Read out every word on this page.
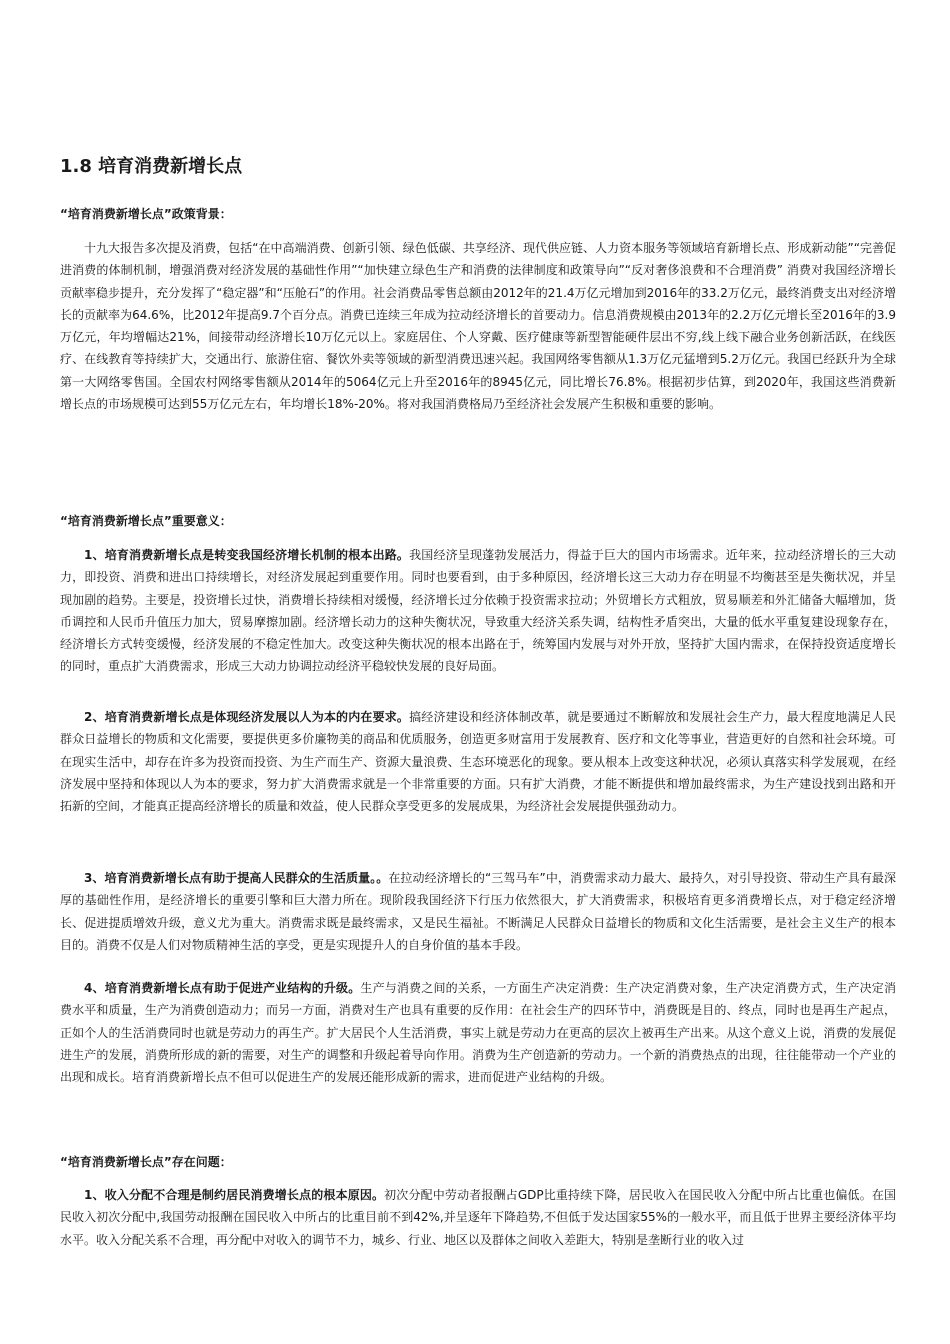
1.8 培育消费新增长点

“培育消费新增长点”政策背景：

十九大报告多次提及消费，包括“在中高端消费、创新引领、绿色低碳、共享经济、现代供应链、人力资本服务等领域培育新增长点、形成新动能”“完善促进消费的体制机制，增强消费对经济发展的基础性作用”“加快建立绿色生产和消费的法律制度和政策导向”“反对奢侈浪费和不合理消费” 消费对我国经济增长贡献率稳步提升，充分发挥了“稳定器”和“压舱石”的作用。社会消费品零售总额由2012年的21.4万亿元增加到2016年的33.2万亿元，最终消费支出对经济增长的贡献率为64.6%，比2012年提高9.7个百分点。消费已连续三年成为拉动经济增长的首要动力。信息消费规模由2013年的2.2万亿元增长至2016年的3.9万亿元，年均增幅达21%，间接带动经济增长10万亿元以上。家庭居住、个人穿戴、医疗健康等新型智能硬件层出不穷,线上线下融合业务创新活跃，在线医疗、在线教育等持续扩大，交通出行、旅游住宿、餐饮外卖等领域的新型消费迅速兴起。我国网络零售额从1.3万亿元猛增到5.2万亿元。我国已经跃升为全球第一大网络零售国。全国农村网络零售额从2014年的5064亿元上升至2016年的8945亿元，同比增长76.8%。根据初步估算，到2020年，我国这些消费新增长点的市场规模可达到55万亿元左右，年均增长18%-20%。将对我国消费格局乃至经济社会发展产生积极和重要的影响。

“培育消费新增长点”重要意义：

1、培育消费新增长点是转变我国经济增长机制的根本出路。我国经济呈现蓬勃发展活力，得益于巨大的国内市场需求。近年来，拉动经济增长的三大动力，即投资、消费和进出口持续增长，对经济发展起到重要作用。同时也要看到，由于多种原因，经济增长这三大动力存在明显不均衡甚至是失衡状况，并呈现加剧的趋势。主要是，投资增长过快，消费增长持续相对缓慢，经济增长过分依赖于投资需求拉动；外贸增长方式粗放，贸易顺差和外汇储备大幅增加，货币调控和人民币升值压力加大，贸易摩擦加剧。经济增长动力的这种失衡状况，导致重大经济关系失调，结构性矛盾突出，大量的低水平重复建设现象存在，经济增长方式转变缓慢，经济发展的不稳定性加大。改变这种失衡状况的根本出路在于，统筹国内发展与对外开放，坚持扩大国内需求，在保持投资适度增长的同时，重点扩大消费需求，形成三大动力协调拉动经济平稳较快发展的良好局面。

2、培育消费新增长点是体现经济发展以人为本的内在要求。搞经济建设和经济体制改革，就是要通过不断解放和发展社会生产力，最大程度地满足人民群众日益增长的物质和文化需要，要提供更多价廉物美的商品和优质服务，创造更多财富用于发展教育、医疗和文化等事业，营造更好的自然和社会环境。可在现实生活中，却存在许多为投资而投资、为生产而生产、资源大量浪费、生态环境恶化的现象。要从根本上改变这种状况，必须认真落实科学发展观，在经济发展中坚持和体现以人为本的要求，努力扩大消费需求就是一个非常重要的方面。只有扩大消费，才能不断提供和增加最终需求，为生产建设找到出路和开拓新的空间，才能真正提高经济增长的质量和效益，使人民群众享受更多的发展成果，为经济社会发展提供强劲动力。

3、培育消费新增长点有助于提高人民群众的生活质量。。在拉动经济增长的“三驾马车”中，消费需求动力最大、最持久，对引导投资、带动生产具有最深厚的基础性作用，是经济增长的重要引擎和巨大潜力所在。现阶段我国经济下行压力依然很大，扩大消费需求，积极培育更多消费增长点，对于稳定经济增长、促进提质增效升级，意义尤为重大。消费需求既是最终需求，又是民生福祉。不断满足人民群众日益增长的物质和文化生活需要，是社会主义生产的根本目的。消费不仅是人们对物质精神生活的享受，更是实现提升人的自身价值的基本手段。

4、培育消费新增长点有助于促进产业结构的升级。生产与消费之间的关系，一方面生产决定消费：生产决定消费对象，生产决定消费方式，生产决定消费水平和质量，生产为消费创造动力；而另一方面，消费对生产也具有重要的反作用：在社会生产的四环节中，消费既是目的、终点，同时也是再生产起点，正如个人的生活消费同时也就是劳动力的再生产。扩大居民个人生活消费，事实上就是劳动力在更高的层次上被再生产出来。从这个意义上说，消费的发展促进生产的发展，消费所形成的新的需要，对生产的调整和升级起着导向作用。消费为生产创造新的劳动力。一个新的消费热点的出现，往往能带动一个产业的出现和成长。培育消费新增长点不但可以促进生产的发展还能形成新的需求，进而促进产业结构的升级。

“培育消费新增长点”存在问题：

1、收入分配不合理是制约居民消费增长点的根本原因。初次分配中劳动者报酬占GDP比重持续下降，居民收入在国民收入分配中所占比重也偏低。在国民收入初次分配中,我国劳动报酬在国民收入中所占的比重目前不到42%,并呈逐年下降趋势,不但低于发达国家55%的一般水平，而且低于世界主要经济体平均水平。收入分配关系不合理，再分配中对收入的调节不力，城乡、行业、地区以及群体之间收入差距大，特别是垄断行业的收入过
